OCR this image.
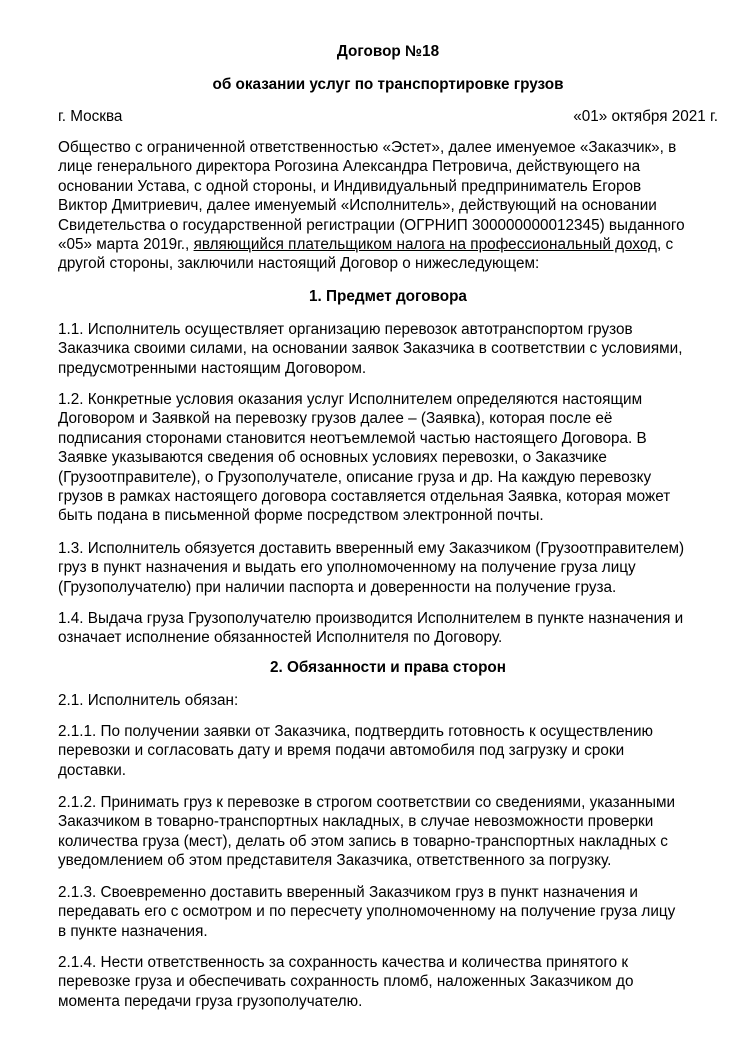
Договор №18
об оказании услуг по транспортировке грузов
г. Москва	«01» октября 2021 г.
Общество с ограниченной ответственностью «Эстет», далее именуемое «Заказчик», в
лице генерального директора Рогозина Александра Петровича, действующего на
основании Устава, с одной стороны, и Индивидуальный предприниматель Егоров
Виктор Дмитриевич, далее именуемый «Исполнитель», действующий на основании
Свидетельства о государственной регистрации (ОГРНИП 300000000012345) выданного
«05» марта 2019г., являющийся плательщиком налога на профессиональный доход, с
другой стороны, заключили настоящий Договор о нижеследующем:
1. Предмет договора
1.1. Исполнитель осуществляет организацию перевозок автотранспортом грузов
Заказчика своими силами, на основании заявок Заказчика в соответствии с условиями,
предусмотренными настоящим Договором.
1.2. Конкретные условия оказания услуг Исполнителем определяются настоящим
Договором и Заявкой на перевозку грузов далее – (Заявка), которая после её
подписания сторонами становится неотъемлемой частью настоящего Договора. В
Заявке указываются сведения об основных условиях перевозки, о Заказчике
(Грузоотправителе), о Грузополучателе, описание груза и др. На каждую перевозку
грузов в рамках настоящего договора составляется отдельная Заявка, которая может
быть подана в письменной форме посредством электронной почты.
1.3. Исполнитель обязуется доставить вверенный ему Заказчиком (Грузоотправителем)
груз в пункт назначения и выдать его уполномоченному на получение груза лицу
(Грузополучателю) при наличии паспорта и доверенности на получение груза.
1.4. Выдача груза Грузополучателю производится Исполнителем в пункте назначения и
означает исполнение обязанностей Исполнителя по Договору.
2. Обязанности и права сторон
2.1. Исполнитель обязан:
2.1.1. По получении заявки от Заказчика, подтвердить готовность к осуществлению
перевозки и согласовать дату и время подачи автомобиля под загрузку и сроки
доставки.
2.1.2. Принимать груз к перевозке в строгом соответствии со сведениями, указанными
Заказчиком в товарно-транспортных накладных, в случае невозможности проверки
количества груза (мест), делать об этом запись в товарно-транспортных накладных с
уведомлением об этом представителя Заказчика, ответственного за погрузку.
2.1.3. Своевременно доставить вверенный Заказчиком груз в пункт назначения и
передавать его с осмотром и по пересчету уполномоченному на получение груза лицу
в пункте назначения.
2.1.4. Нести ответственность за сохранность качества и количества принятого к
перевозке груза и обеспечивать сохранность пломб, наложенных Заказчиком до
момента передачи груза грузополучателю.
